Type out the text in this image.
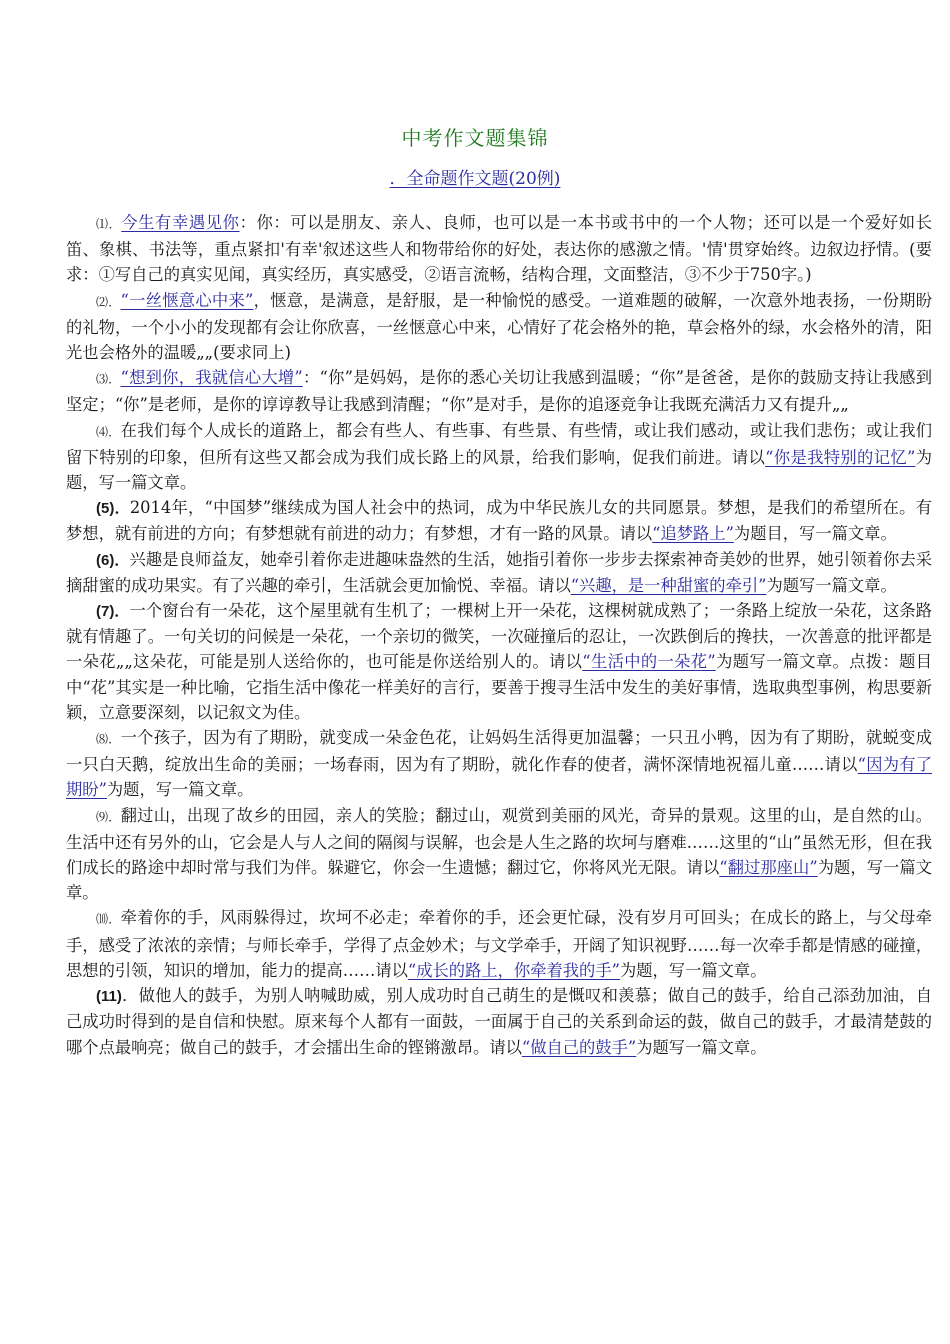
中考作文题集锦
．全命题作文题(20例)

⑴．今生有幸遇见你：你：可以是朋友、亲人、良师，也可以是一本书或书中的一个人物；还可以是一个爱好如长笛、象棋、书法等，重点紧扣'有幸'叙述这些人和物带给你的好处，表达你的感激之情。'情'贯穿始终。边叙边抒情。(要求：①写自己的真实见闻，真实经历，真实感受，②语言流畅，结构合理，文面整洁，③不少于750字。)

⑵．“一丝惬意心中来”，惬意，是满意，是舒服，是一种愉悦的感受。一道难题的破解，一次意外地表扬，一份期盼的礼物，一个小小的发现都有会让你欣喜，一丝惬意心中来，心情好了花会格外的艳，草会格外的绿，水会格外的清，阳光也会格外的温暖„„(要求同上)

⑶．“想到你，我就信心大增”：“你”是妈妈，是你的悉心关切让我感到温暖；“你”是爸爸，是你的鼓励支持让我感到坚定；“你”是老师，是你的谆谆教导让我感到清醒；“你”是对手，是你的追逐竞争让我既充满活力又有提升„„

⑷．在我们每个人成长的道路上，都会有些人、有些事、有些景、有些情，或让我们感动，或让我们悲伤；或让我们留下特别的印象，但所有这些又都会成为我们成长路上的风景，给我们影响，促我们前进。请以“你是我特别的记忆”为题，写一篇文章。

(5)．2014年，“中国梦”继续成为国人社会中的热词，成为中华民族儿女的共同愿景。梦想，是我们的希望所在。有梦想，就有前进的方向；有梦想就有前进的动力；有梦想，才有一路的风景。请以“追梦路上”为题目，写一篇文章。

(6)．兴趣是良师益友，她牵引着你走进趣味盎然的生活，她指引着你一步步去探索神奇美妙的世界，她引领着你去采摘甜蜜的成功果实。有了兴趣的牵引，生活就会更加愉悦、幸福。请以“兴趣，是一种甜蜜的牵引”为题写一篇文章。

(7)．一个窗台有一朵花，这个屋里就有生机了；一棵树上开一朵花，这棵树就成熟了；一条路上绽放一朵花，这条路就有情趣了。一句关切的问候是一朵花，一个亲切的微笑，一次碰撞后的忍让，一次跌倒后的搀扶，一次善意的批评都是一朵花„„这朵花，可能是别人送给你的，也可能是你送给别人的。请以“生活中的一朵花”为题写一篇文章。点拨：题目中“花”其实是一种比喻，它指生活中像花一样美好的言行，要善于搜寻生活中发生的美好事情，选取典型事例，构思要新颖，立意要深刻，以记叙文为佳。

⑻．一个孩子，因为有了期盼，就变成一朵金色花，让妈妈生活得更加温馨；一只丑小鸭，因为有了期盼，就蜕变成一只白天鹅，绽放出生命的美丽；一场春雨，因为有了期盼，就化作春的使者，满怀深情地祝福儿童……请以“因为有了期盼”为题，写一篇文章。

⑼．翻过山，出现了故乡的田园，亲人的笑脸；翻过山，观赏到美丽的风光，奇异的景观。这里的山，是自然的山。生活中还有另外的山，它会是人与人之间的隔阂与误解，也会是人生之路的坎坷与磨难……这里的“山”虽然无形，但在我们成长的路途中却时常与我们为伴。躲避它，你会一生遗憾；翻过它，你将风光无限。请以“翻过那座山”为题，写一篇文章。

⑽．牵着你的手，风雨躲得过，坎坷不必走；牵着你的手，还会更忙碌，没有岁月可回头；在成长的路上，与父母牵手，感受了浓浓的亲情；与师长牵手，学得了点金妙术；与文学牵手，开阔了知识视野……每一次牵手都是情感的碰撞，思想的引领，知识的增加，能力的提高……请以“成长的路上，你牵着我的手”为题，写一篇文章。

(11)．做他人的鼓手，为别人呐喊助威，别人成功时自己萌生的是慨叹和羡慕；做自己的鼓手，给自己添劲加油，自己成功时得到的是自信和快慰。原来每个人都有一面鼓，一面属于自己的关系到命运的鼓，做自己的鼓手，才最清楚鼓的哪个点最响亮；做自己的鼓手，才会擂出生命的铿锵激昂。请以“做自己的鼓手”为题写一篇文章。
